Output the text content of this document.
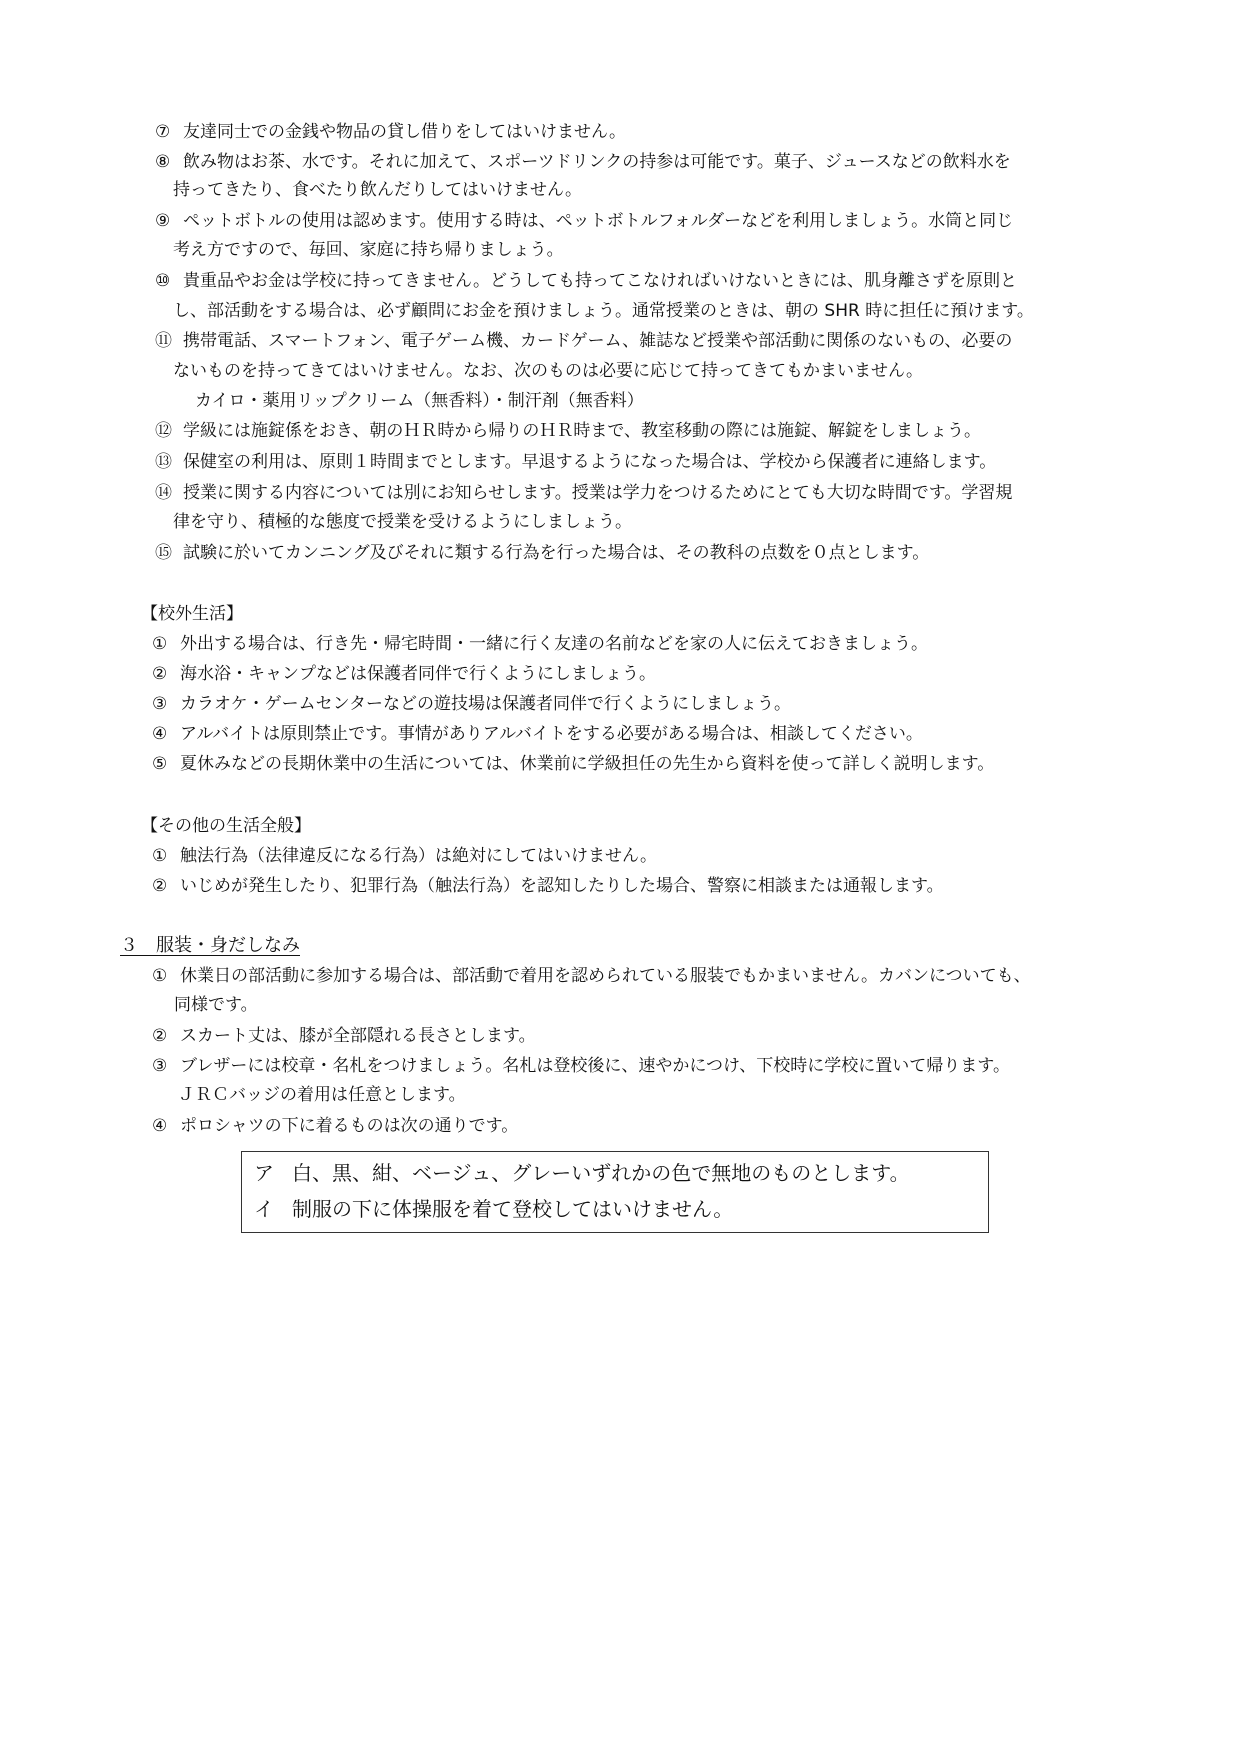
⑦ 友達同士での金銭や物品の貸し借りをしてはいけません。
⑧ 飲み物はお茶、水です。それに加えて、スポーツドリンクの持参は可能です。菓子、ジュースなどの飲料水を
持ってきたり、食べたり飲んだりしてはいけません。
⑨ ペットボトルの使用は認めます。使用する時は、ペットボトルフォルダーなどを利用しましょう。水筒と同じ
考え方ですので、毎回、家庭に持ち帰りましょう。
⑩ 貴重品やお金は学校に持ってきません。どうしても持ってこなければいけないときには、肌身離さずを原則と
し、部活動をする場合は、必ず顧問にお金を預けましょう。通常授業のときは、朝の SHR 時に担任に預けます。
⑪ 携帯電話、スマートフォン、電子ゲーム機、カードゲーム、雑誌など授業や部活動に関係のないもの、必要の
ないものを持ってきてはいけません。なお、次のものは必要に応じて持ってきてもかまいません。
カイロ・薬用リップクリーム（無香料）・制汗剤（無香料）
⑫ 学級には施錠係をおき、朝のＨＲ時から帰りのＨＲ時まで、教室移動の際には施錠、解錠をしましょう。
⑬ 保健室の利用は、原則１時間までとします。早退するようになった場合は、学校から保護者に連絡します。
⑭ 授業に関する内容については別にお知らせします。授業は学力をつけるためにとても大切な時間です。学習規
律を守り、積極的な態度で授業を受けるようにしましょう。
⑮ 試験に於いてカンニング及びそれに類する行為を行った場合は、その教科の点数を０点とします。
【校外生活】
① 外出する場合は、行き先・帰宅時間・一緒に行く友達の名前などを家の人に伝えておきましょう。
② 海水浴・キャンプなどは保護者同伴で行くようにしましょう。
③ カラオケ・ゲームセンターなどの遊技場は保護者同伴で行くようにしましょう。
④ アルバイトは原則禁止です。事情がありアルバイトをする必要がある場合は、相談してください。
⑤ 夏休みなどの長期休業中の生活については、休業前に学級担任の先生から資料を使って詳しく説明します。
【その他の生活全般】
① 触法行為（法律違反になる行為）は絶対にしてはいけません。
② いじめが発生したり、犯罪行為（触法行為）を認知したりした場合、警察に相談または通報します。
３　服装・身だしなみ
① 休業日の部活動に参加する場合は、部活動で着用を認められている服装でもかまいません。カバンについても、
同様です。
② スカート丈は、膝が全部隠れる長さとします。
③ ブレザーには校章・名札をつけましょう。名札は登校後に、速やかにつけ、下校時に学校に置いて帰ります。
ＪＲＣバッジの着用は任意とします。
④ ポロシャツの下に着るものは次の通りです。
ア 白、黒、紺、ベージュ、グレーいずれかの色で無地のものとします。
イ 制服の下に体操服を着て登校してはいけません。
